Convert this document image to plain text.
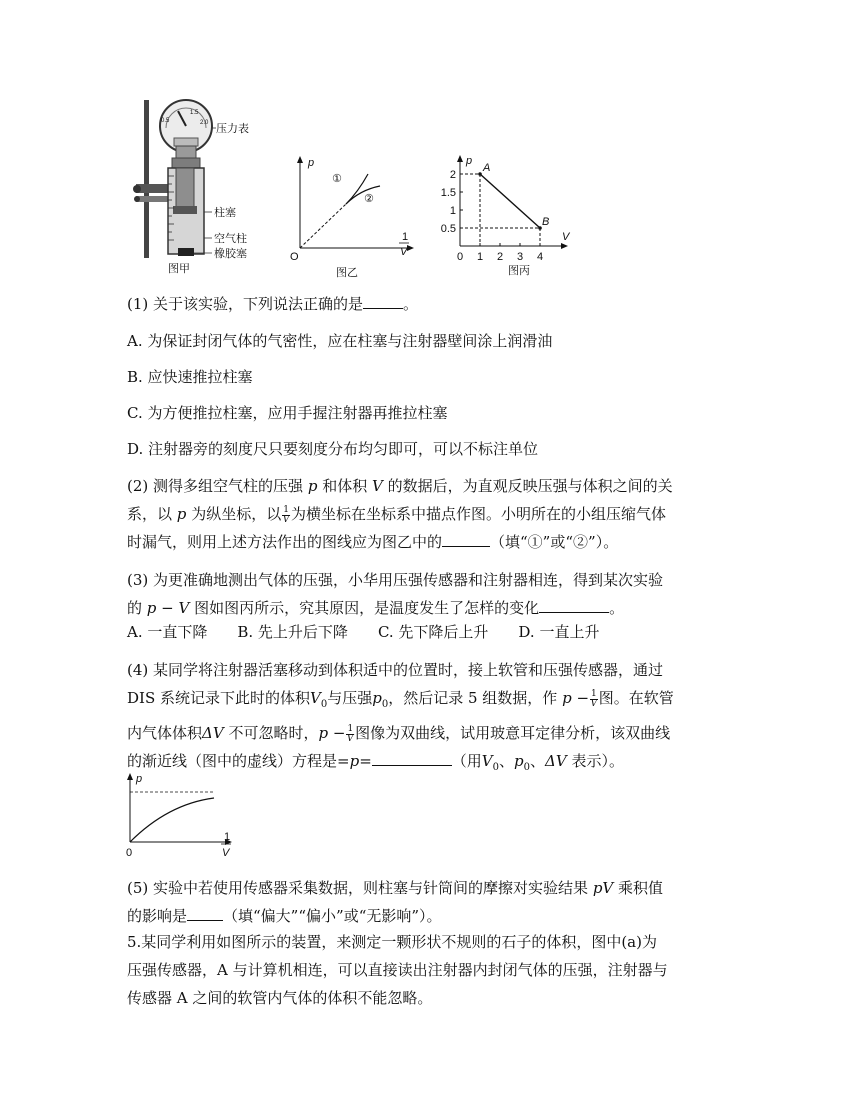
0.5
1.5
2.0 压力表
柱塞
空气柱
橡胶塞
图甲
p
O
1
V
①
②
图乙
p
V
2
1.5
1
0.5
0 1 2 3 4
A
B
图丙

(1) 关于该实验，下列说法正确的是	。

A. 为保证封闭气体的气密性，应在柱塞与注射器壁间涂上润滑油

B. 应快速推拉柱塞

C. 为方便推拉柱塞，应用手握注射器再推拉柱塞

D. 注射器旁的刻度尺只要刻度分布均匀即可，可以不标注单位

(2) 测得多组空气柱的压强 p 和体积 V 的数据后，为直观反映压强与体积之间的关
系，以 p 为纵坐标，以 $\frac{1}{V}$ 为横坐标在坐标系中描点作图。小明所在的小组压缩气体
时漏气，则用上述方法作出的图线应为图乙中的	（填“①”或“②”）。
(3) 为更准确地测出气体的压强，小华用压强传感器和注射器相连，得到某次实验
的 p − V 图如图丙所示，究其原因，是温度发生了怎样的变化	。
A. 一直下降 B. 先上升后下降 C. 先下降后上升 D. 一直上升
(4) 某同学将注射器活塞移动到体积适中的位置时，接上软管和压强传感器，通过
DIS 系统记录下此时的体积$V_0$与压强$p_0$，然后记录 5 组数据，作 $p - \frac{1}{V}$ 图。在软管
内气体体积ΔV 不可忽略时，$p - \frac{1}{V}$ 图像为双曲线，试用玻意耳定律分析，该双曲线
的渐近线（图中的虚线）方程是=p=	（用$V_0$、$p_0$、ΔV 表示）。
p
0
1
V
(5) 实验中若使用传感器采集数据，则柱塞与针筒间的摩擦对实验结果 pV 乘积值
的影响是 （填“偏大”“偏小”或“无影响”）。
5.某同学利用如图所示的装置，来测定一颗形状不规则的石子的体积，图中(a)为
压强传感器，A 与计算机相连，可以直接读出注射器内封闭气体的压强，注射器与
传感器 A 之间的软管内气体的体积不能忽略。
